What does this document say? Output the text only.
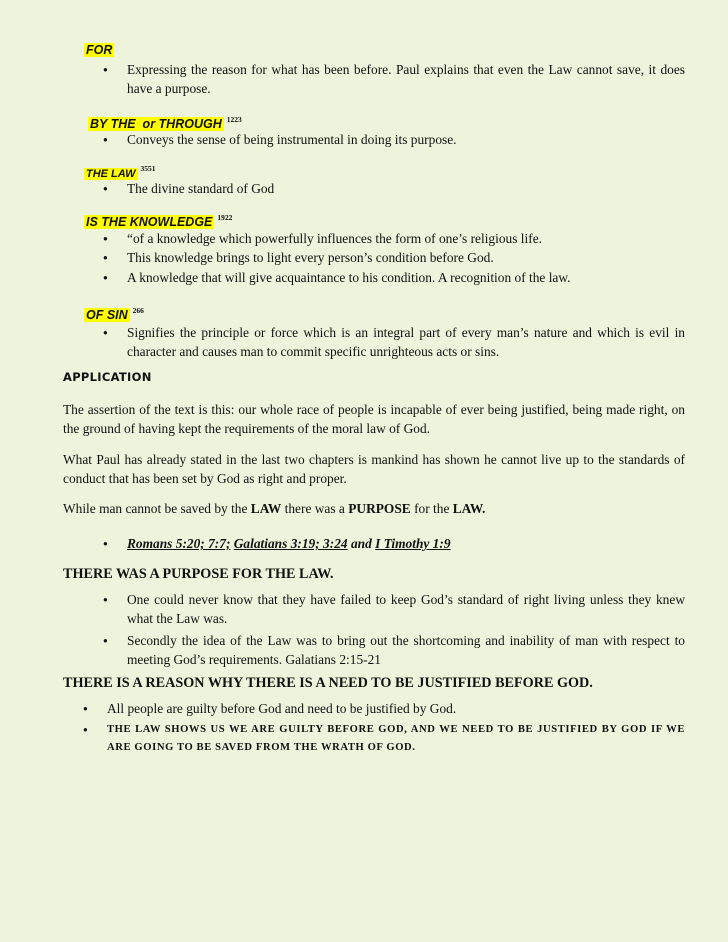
FOR
● Expressing the reason for what has been before. Paul explains that even the Law cannot save, it does have a purpose.
BY THE  or THROUGH $^{1223}$
● Conveys the sense of being instrumental in doing its purpose.
THE LAW $^{3551}$
● The divine standard of God
IS THE KNOWLEDGE $^{1922}$
● “of a knowledge which powerfully influences the form of one’s religious life.
● This knowledge brings to light every person’s condition before God.
● A knowledge that will give acquaintance to his condition. A recognition of the law.
OF SIN $^{266}$
● Signifies the principle or force which is an integral part of every man’s nature and which is evil in character and causes man to commit specific unrighteous acts or sins.
APPLICATION
The assertion of the text is this: our whole race of people is incapable of ever being justified, being made right, on the ground of having kept the requirements of the moral law of God.
What Paul has already stated in the last two chapters is mankind has shown he cannot live up to the standards of conduct that has been set by God as right and proper.
While man cannot be saved by the LAW there was a PURPOSE for the LAW.
● Romans 5:20; 7:7; Galatians 3:19; 3:24 and I Timothy 1:9
THERE WAS A PURPOSE FOR THE LAW.
● One could never know that they have failed to keep God’s standard of right living unless they knew what the Law was.
● Secondly the idea of the Law was to bring out the shortcoming and inability of man with respect to meeting God’s requirements. Galatians 2:15-21
THERE IS A REASON WHY THERE IS A NEED TO BE JUSTIFIED BEFORE GOD.
● All people are guilty before God and need to be justified by God.
● THE LAW SHOWS US WE ARE GUILTY BEFORE GOD, AND WE NEED TO BE JUSTIFIED BY GOD IF WE ARE GOING TO BE SAVED FROM THE WRATH OF GOD.
